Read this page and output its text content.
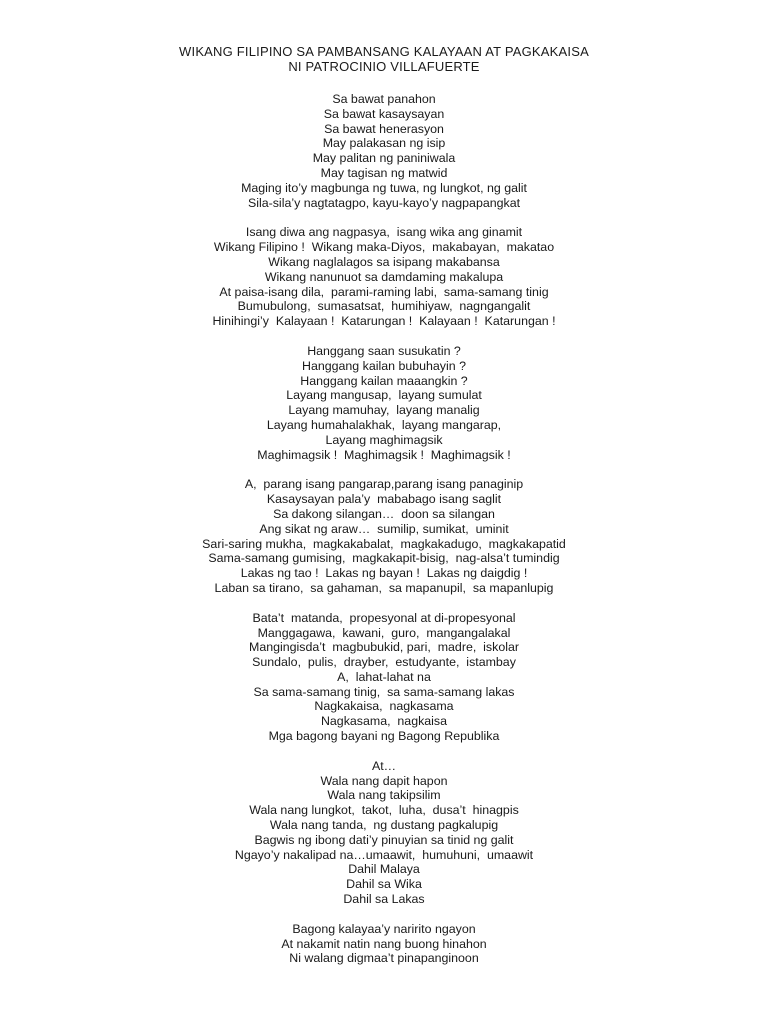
WIKANG FILIPINO SA PAMBANSANG KALAYAAN AT PAGKAKAISA

NI PATROCINIO VILLAFUERTE

Sa bawat panahon

Sa bawat kasaysayan

Sa bawat henerasyon

May palakasan ng isip

May palitan ng paniniwala

May tagisan ng matwid

Maging ito’y magbunga ng tuwa, ng lungkot, ng galit

Sila-sila’y nagtatagpo, kayu-kayo’y nagpapangkat

Isang diwa ang nagpasya,  isang wika ang ginamit

Wikang Filipino !  Wikang maka-Diyos,  makabayan,  makatao

Wikang naglalagos sa isipang makabansa

Wikang nanunuot sa damdaming makalupa

At paisa-isang dila,  parami-raming labi,  sama-samang tinig

Bumubulong,  sumasatsat,  humihiyaw,  nagngangalit

Hinihingi’y  Kalayaan !  Katarungan !  Kalayaan !  Katarungan !

Hanggang saan susukatin ?

Hanggang kailan bubuhayin ?

Hanggang kailan maaangkin ?

Layang mangusap,  layang sumulat

Layang mamuhay,  layang manalig

Layang humahalakhak,  layang mangarap,

Layang maghimagsik

Maghimagsik !  Maghimagsik !  Maghimagsik !

A,  parang isang pangarap,parang isang panaginip

Kasaysayan pala’y  mababago isang saglit

Sa dakong silangan…  doon sa silangan

Ang sikat ng araw…  sumilip, sumikat,  uminit

Sari-saring mukha,  magkakabalat,  magkakadugo,  magkakapatid

Sama-samang gumising,  magkakapit-bisig,  nag-alsa’t tumindig

Lakas ng tao !  Lakas ng bayan !  Lakas ng daigdig !

Laban sa tirano,  sa gahaman,  sa mapanupil,  sa mapanlupig

Bata’t  matanda,  propesyonal at di-propesyonal

Manggagawa,  kawani,  guro,  mangangalakal

Mangingisda’t  magbubukid, pari,  madre,  iskolar

Sundalo,  pulis,  drayber,  estudyante,  istambay

A,  lahat-lahat na

Sa sama-samang tinig,  sa sama-samang lakas

Nagkakaisa,  nagkasama

Nagkasama,  nagkaisa

Mga bagong bayani ng Bagong Republika

At…

Wala nang dapit hapon

Wala nang takipsilim

Wala nang lungkot,  takot,  luha,  dusa’t  hinagpis

Wala nang tanda,  ng dustang pagkalupig

Bagwis ng ibong dati’y pinuyian sa tinid ng galit

Ngayo’y nakalipad na…umaawit,  humuhuni,  umaawit

Dahil Malaya

Dahil sa Wika

Dahil sa Lakas

Bagong kalayaa’y naririto ngayon

At nakamit natin nang buong hinahon

Ni walang digmaa’t pinapanginoon
